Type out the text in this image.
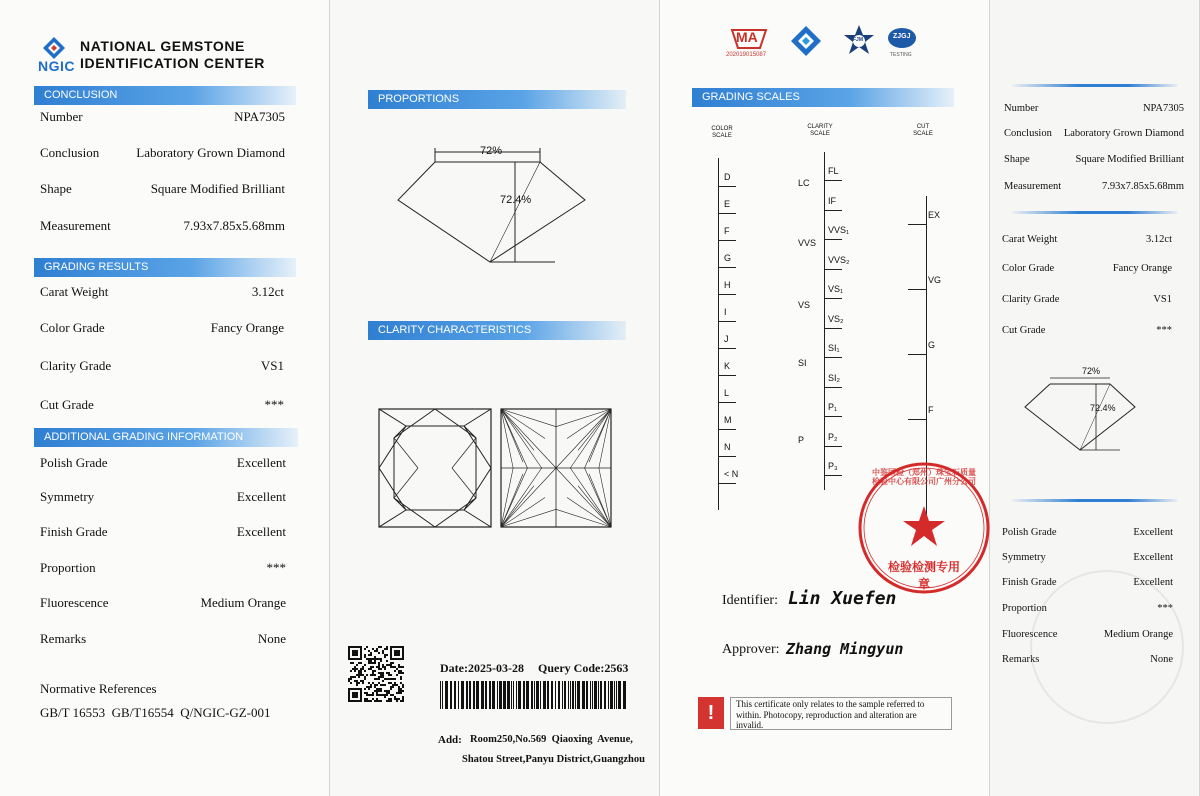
NGIC
NATIONAL GEMSTONE
IDENTIFICATION CENTER
CONCLUSION
Number	NPA7305
Conclusion	Laboratory Grown Diamond
Shape	Square Modified Brilliant
Measurement	7.93x7.85x5.68mm
GRADING RESULTS
Carat Weight	3.12ct
Color Grade	Fancy Orange
Clarity Grade	VS1
Cut Grade	***
ADDITIONAL GRADING INFORMATION
Polish Grade	Excellent
Symmetry	Excellent
Finish Grade	Excellent
Proportion	***
Fluorescence	Medium Orange
Remarks	None
Normative References
GB/T 16553  GB/T16554  Q/NGIC-GZ-001
PROPORTIONS
72%
72.4%
CLARITY CHARACTERISTICS
Date:2025-03-28 Query Code:2563
Add: Room250,No.569  Qiaoxing  Avenue,
Shatou Street,Panyu District,Guangzhou
MA
202019015087
FJM	ZJGJ
TESTING
GRADING SCALES
COLOR
SCALE
CLARITY
SCALE
CUT
SCALE
D
E
F
G
H
I
J
K
L
M
N
< N
FL
IF
VVS₁
VVS₂
VS₁
VS₂
SI₁
SI₂
P₁
P₂
P₃
LC
VVS
VS
SI
P
EX
VG
G
F
中鉴国检（郑州）珠宝石质量检验中心有限公司广州分公司
检验检测专用章
Identifier: Lin Xuefen
Approver: Zhang Mingyun
!	This certificate only relates to the sample referred to within. Photocopy, reproduction and alteration are invalid.
Number	NPA7305
Conclusion Laboratory Grown Diamond
Shape	Square Modified Brilliant
Measurement	7.93x7.85x5.68mm
Carat Weight	3.12ct
Color Grade	Fancy Orange
Clarity Grade	VS1
Cut Grade	***
72%
72.4%
Polish Grade	Excellent
Symmetry	Excellent
Finish Grade	Excellent
Proportion	***
Fluorescence	Medium Orange
Remarks	None
